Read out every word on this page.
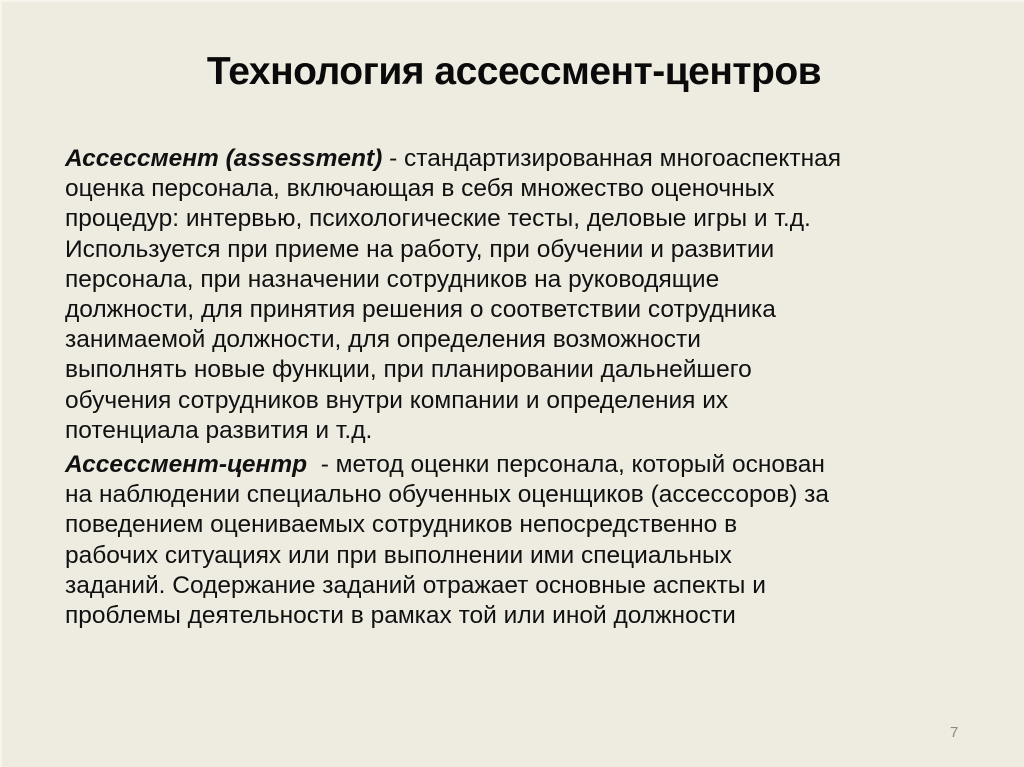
Технология ассессмент-центров
Ассессмент (assessment) - стандартизированная многоаспектная
оценка персонала, включающая в себя множество оценочных
процедур: интервью, психологические тесты, деловые игры и т.д.
Используется при приеме на работу, при обучении и развитии
персонала, при назначении сотрудников на руководящие
должности, для принятия решения о соответствии сотрудника
занимаемой должности, для определения возможности
выполнять новые функции, при планировании дальнейшего
обучения сотрудников внутри компании и определения их
потенциала развития и т.д.
Ассессмент-центр  - метод оценки персонала, который основан
на наблюдении специально обученных оценщиков (ассессоров) за
поведением оцениваемых сотрудников непосредственно в
рабочих ситуациях или при выполнении ими специальных
заданий. Содержание заданий отражает основные аспекты и
проблемы деятельности в рамках той или иной должности
7
